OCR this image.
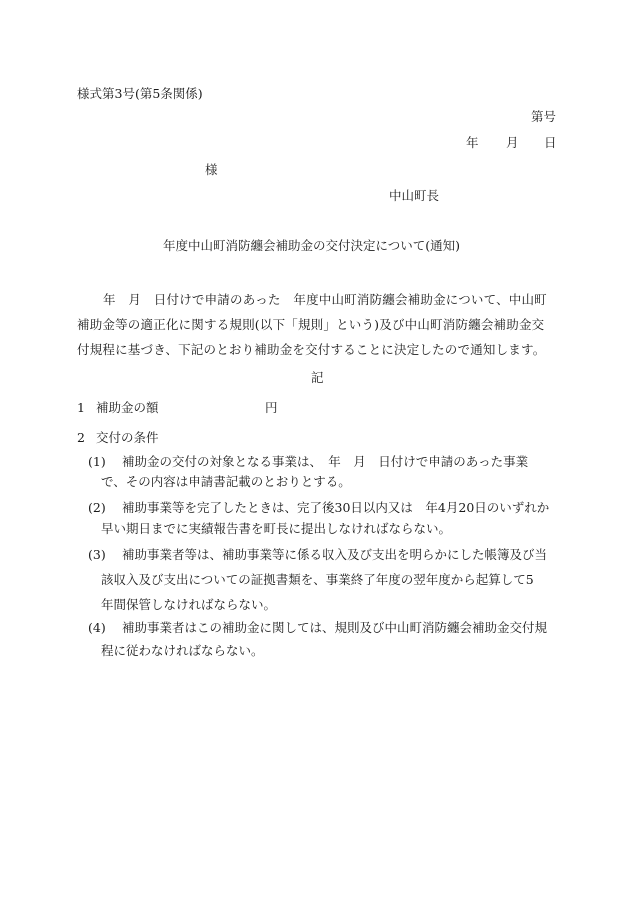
様式第3号(第5条関係)
第号
年 月 日
様
中山町長
年度中山町消防纏会補助金の交付決定について(通知)
年　月　日付けで申請のあった　年度中山町消防纏会補助金について、中山町
補助金等の適正化に関する規則(以下「規則」という)及び中山町消防纏会補助金交
付規程に基づき、下記のとおり補助金を交付することに決定したので通知します。
記
1 補助金の額	円
2 交付の条件
(1) 補助金の交付の対象となる事業は、　年　月　日付けで申請のあった事業
で、その内容は申請書記載のとおりとする。
(2) 補助事業等を完了したときは、完了後30日以内又は　年4月20日のいずれか
早い期日までに実績報告書を町長に提出しなければならない。
(3) 補助事業者等は、補助事業等に係る収入及び支出を明らかにした帳簿及び当
該収入及び支出についての証拠書類を、事業終了年度の翌年度から起算して5
年間保管しなければならない。
(4) 補助事業者はこの補助金に関しては、規則及び中山町消防纏会補助金交付規
程に従わなければならない。
